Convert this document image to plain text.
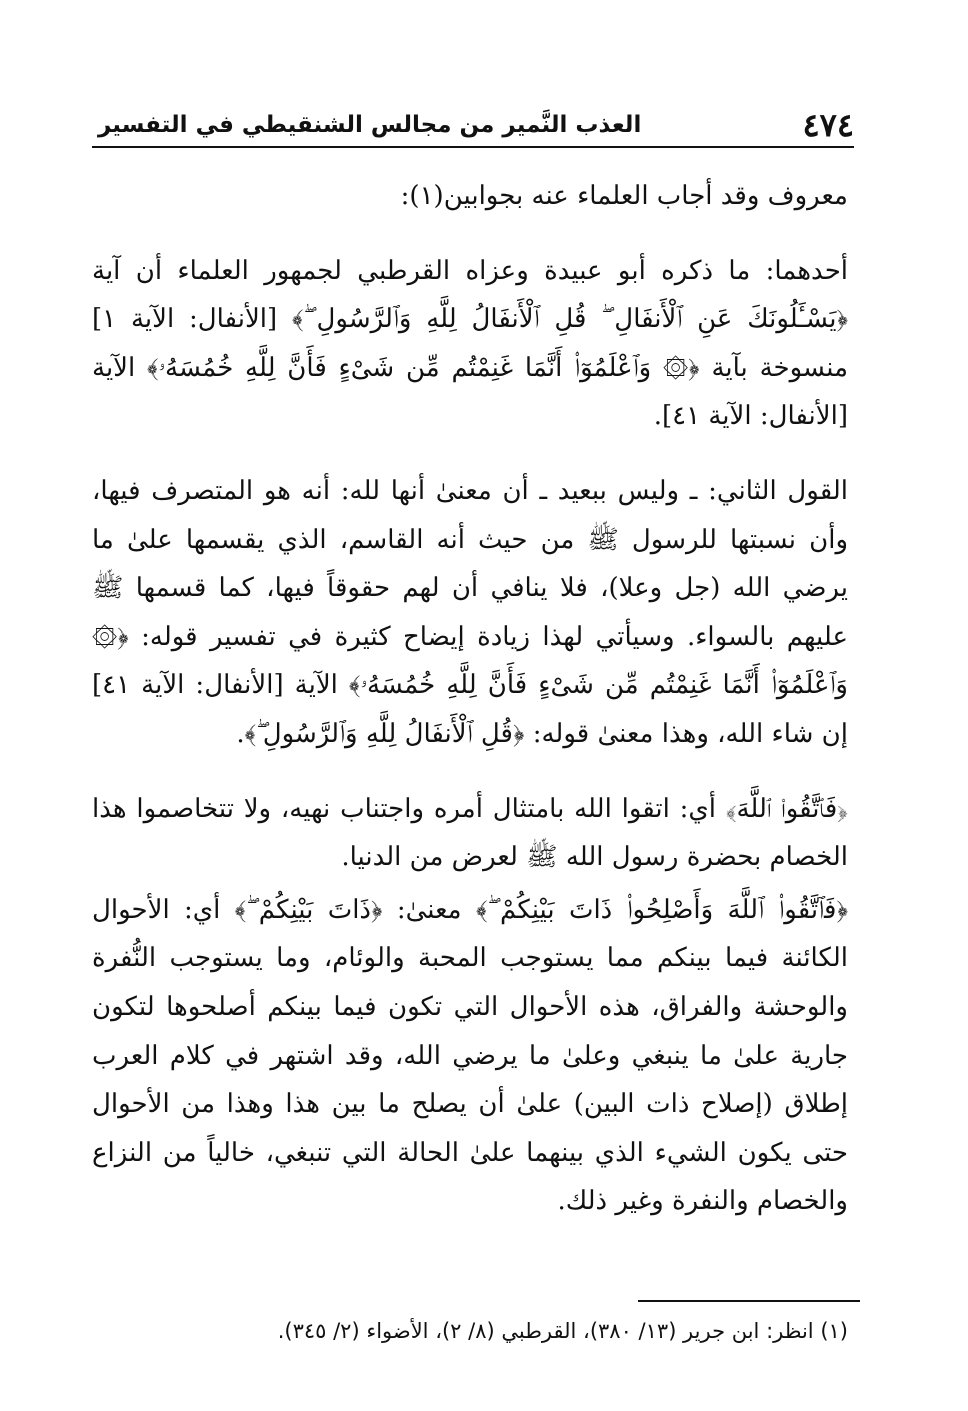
٤٧٤
العذب النَّمير من مجالس الشنقيطي في التفسير

معروف وقد أجاب العلماء عنه بجوابين(١):

أحدهما: ما ذكره أبو عبيدة وعزاه القرطبي لجمهور العلماء أن آية ﴿يَسْـَٔلُونَكَ عَنِ ٱلْأَنفَالِ ۖ قُلِ ٱلْأَنفَالُ لِلَّهِ وَٱلرَّسُولِ ۖ﴾ [الأنفال: الآية ١] منسوخة بآية ﴿۞ وَٱعْلَمُوٓا۟ أَنَّمَا غَنِمْتُم مِّن شَىْءٍ فَأَنَّ لِلَّهِ خُمُسَهُۥ﴾ الآية [الأنفال: الآية ٤١].

القول الثاني: ـ وليس ببعيد ـ أن معنىٰ أنها لله: أنه هو المتصرف فيها، وأن نسبتها للرسول ﷺ من حيث أنه القاسم، الذي يقسمها علىٰ ما يرضي الله (جل وعلا)، فلا ينافي أن لهم حقوقاً فيها، كما قسمها ﷺ عليهم بالسواء. وسيأتي لهذا زيادة إيضاح كثيرة في تفسير قوله: ﴿۞ وَٱعْلَمُوٓا۟ أَنَّمَا غَنِمْتُم مِّن شَىْءٍ فَأَنَّ لِلَّهِ خُمُسَهُۥ﴾ الآية [الأنفال: الآية ٤١] إن شاء الله، وهذا معنىٰ قوله: ﴿قُلِ ٱلْأَنفَالُ لِلَّهِ وَٱلرَّسُولِ ۖ﴾.

﴿فَٱتَّقُوا۟ ٱللَّهَ﴾ أي: اتقوا الله بامتثال أمره واجتناب نهيه، ولا تتخاصموا هذا الخصام بحضرة رسول الله ﷺ لعرض من الدنيا.

﴿فَٱتَّقُوا۟ ٱللَّهَ وَأَصْلِحُوا۟ ذَاتَ بَيْنِكُمْ ۖ﴾ معنىٰ: ﴿ذَاتَ بَيْنِكُمْ ۖ﴾ أي: الأحوال الكائنة فيما بينكم مما يستوجب المحبة والوئام، وما يستوجب النُّفرة والوحشة والفراق، هذه الأحوال التي تكون فيما بينكم أصلحوها لتكون جارية علىٰ ما ينبغي وعلىٰ ما يرضي الله، وقد اشتهر في كلام العرب إطلاق (إصلاح ذات البين) علىٰ أن يصلح ما بين هذا وهذا من الأحوال حتى يكون الشيء الذي بينهما علىٰ الحالة التي تنبغي، خالياً من النزاع والخصام والنفرة وغير ذلك.

(١) انظر: ابن جرير (١٣/ ٣٨٠)، القرطبي (٨/ ٢)، الأضواء (٢/ ٣٤٥).
